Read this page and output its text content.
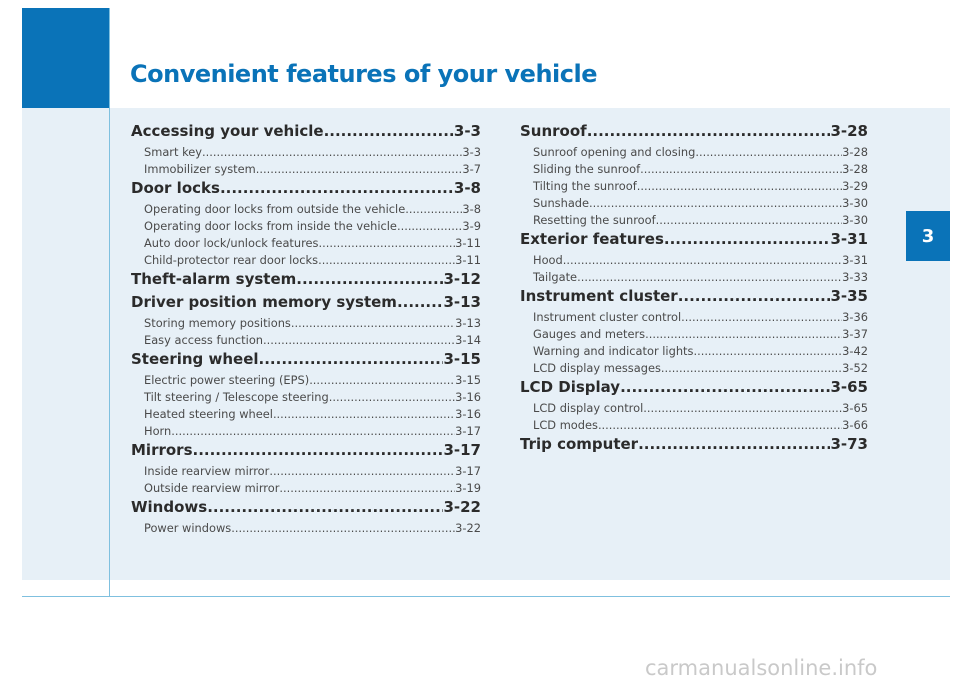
Convenient features of your vehicle
3
Accessing your vehicle .....	3-3
Smart key .....	3-3
Immobilizer system .....	3-7
Door locks .....	3-8
Operating door locks from outside the vehicle .....	3-8
Operating door locks from inside the vehicle .....	3-9
Auto door lock/unlock features .....	3-11
Child-protector rear door locks .....	3-11
Theft-alarm system .....	3-12
Driver position memory system .....	3-13
Storing memory positions .....	3-13
Easy access function .....	3-14
Steering wheel .....	3-15
Electric power steering (EPS) .....	3-15
Tilt steering / Telescope steering .....	3-16
Heated steering wheel .....	3-16
Horn .....	3-17
Mirrors .....	3-17
Inside rearview mirror .....	3-17
Outside rearview mirror .....	3-19
Windows .....	3-22
Power windows .....	3-22
Sunroof .....	3-28
Sunroof opening and closing .....	3-28
Sliding the sunroof .....	3-28
Tilting the sunroof .....	3-29
Sunshade .....	3-30
Resetting the sunroof .....	3-30
Exterior features .....	3-31
Hood .....	3-31
Tailgate .....	3-33
Instrument cluster .....	3-35
Instrument cluster control .....	3-36
Gauges and meters .....	3-37
Warning and indicator lights .....	3-42
LCD display messages .....	3-52
LCD Display .....	3-65
LCD display control .....	3-65
LCD modes .....	3-66
Trip computer .....	3-73
carmanualsonline.info
